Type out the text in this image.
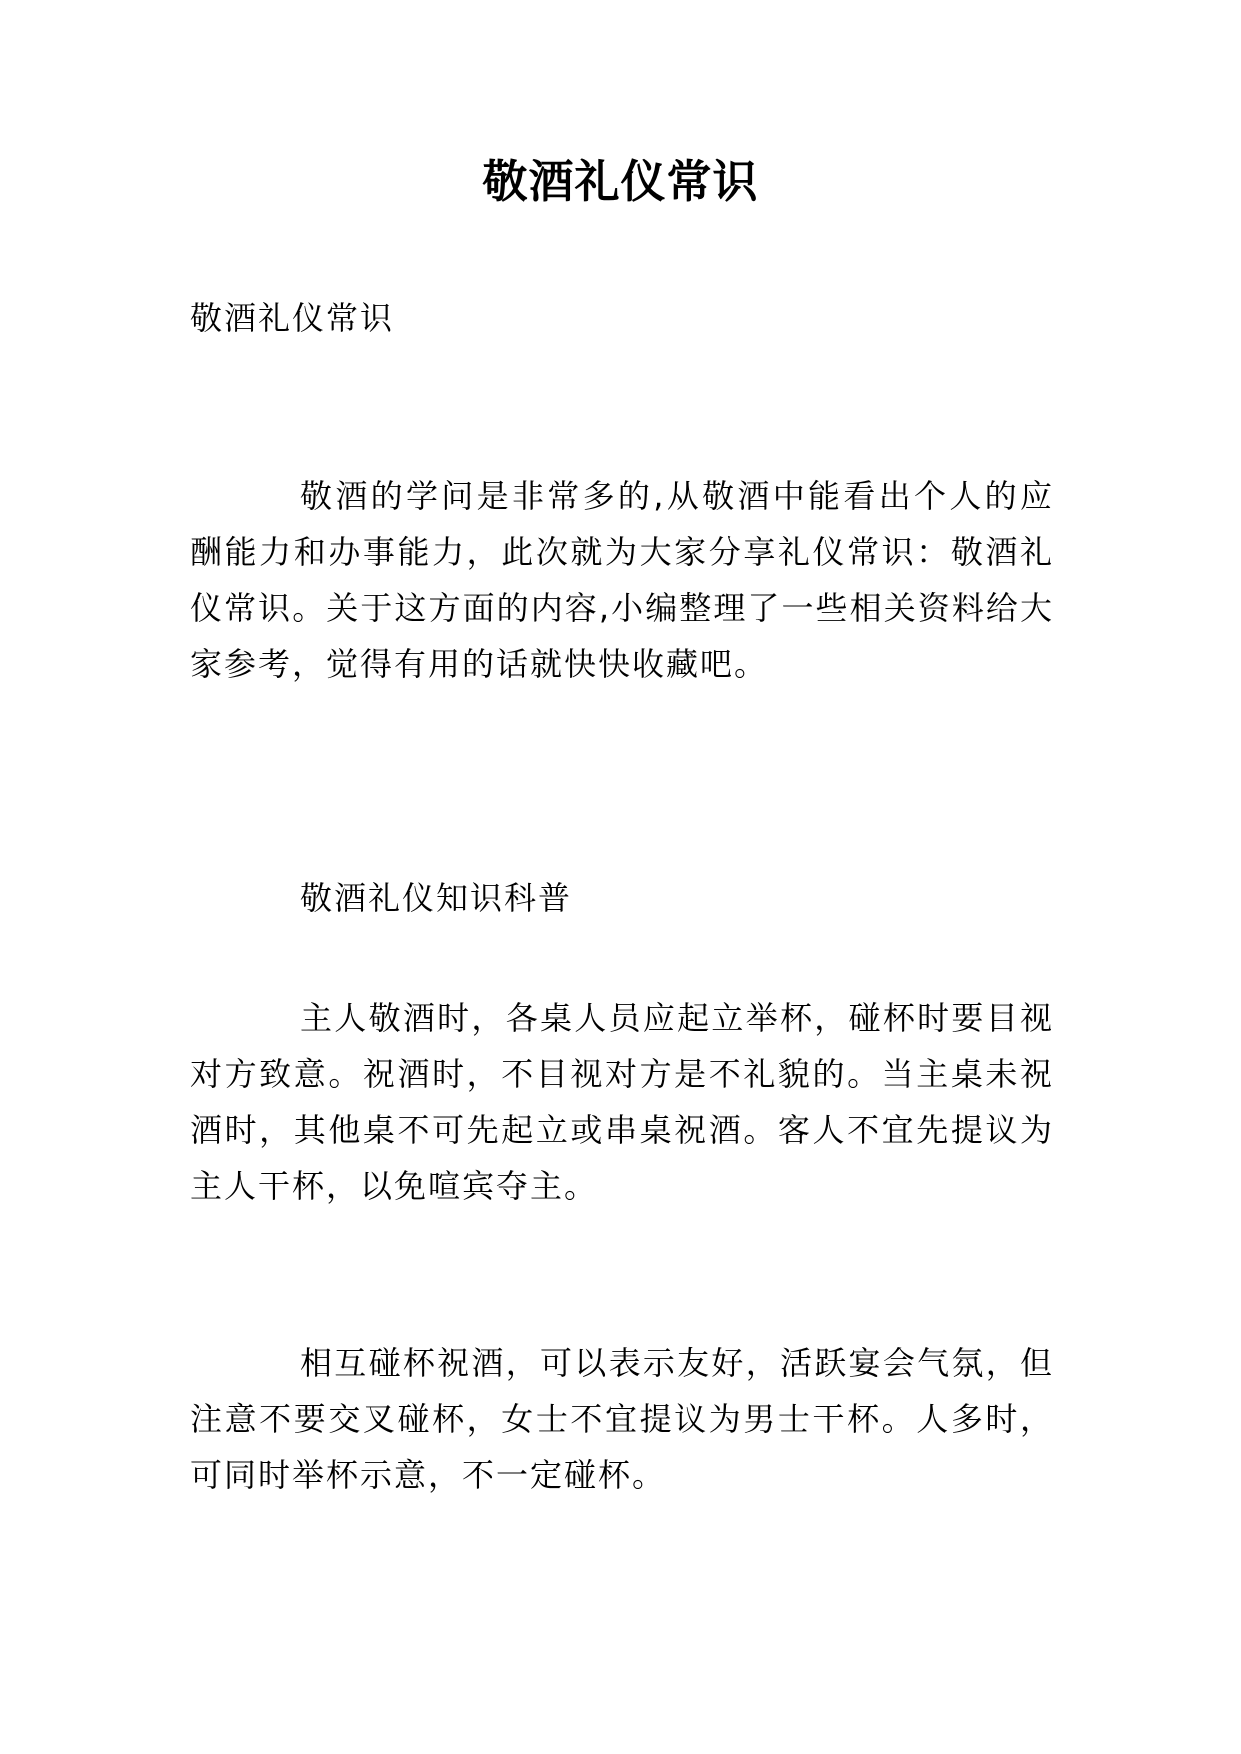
敬酒礼仪常识

敬酒礼仪常识

敬酒的学问是非常多的,从敬酒中能看出个人的应酬能力和办事能力，此次就为大家分享礼仪常识：敬酒礼仪常识。关于这方面的内容,小编整理了一些相关资料给大家参考，觉得有用的话就快快收藏吧。

敬酒礼仪知识科普

主人敬酒时，各桌人员应起立举杯，碰杯时要目视对方致意。祝酒时，不目视对方是不礼貌的。当主桌未祝酒时，其他桌不可先起立或串桌祝酒。客人不宜先提议为主人干杯，以免喧宾夺主。

相互碰杯祝酒，可以表示友好，活跃宴会气氛，但注意不要交叉碰杯，女士不宜提议为男士干杯。人多时，可同时举杯示意，不一定碰杯。
